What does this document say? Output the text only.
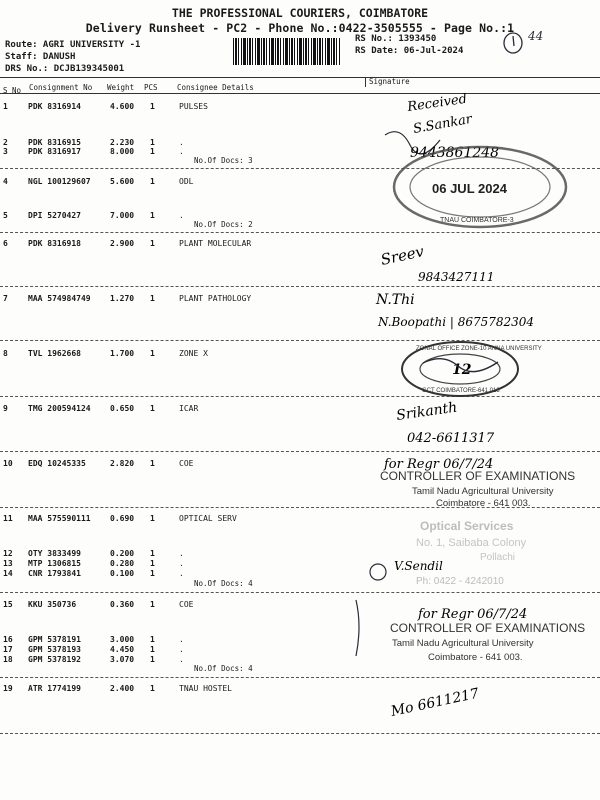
THE PROFESSIONAL COURIERS, COIMBATORE
Delivery Runsheet - PC2 - Phone No.:0422-3505555 - Page No.:1
Route: AGRI UNIVERSITY -1
Staff: DANUSH
DRS No.: DCJB139345001
RS No.: 1393450
RS Date: 06-Jul-2024
44
S No Consignment No Weight PCS	Consignee Details
Signature
1	PDK 8316914	4.600 1	PULSES
2	PDK 8316915	2.230 1	.
3	PDK 8316917	8.000 1	.
No.Of Docs: 3
4	NGL 100129607 5.600 1	ODL
5	DPI 5270427	7.000 1	.
No.Of Docs: 2
6	PDK 8316918	2.900 1	PLANT MOLECULAR
7	MAA 574984749 1.270 1	PLANT PATHOLOGY
8	TVL 1962668	1.700 1	ZONE X
9	TMG 200594124 0.650 1	ICAR
10 EDQ 10245335	2.820 1	COE
11 MAA 575590111 0.690 1	OPTICAL SERV
12 OTY 3833499	0.200 1	.
13 MTP 1306815	0.280 1	.
14 CNR 1793841	0.100 1	.
No.Of Docs: 4
15 KKU 350736	0.360 1	COE
16 GPM 5378191	3.000 1	.
17 GPM 5378193	4.450 1	.
18 GPM 5378192	3.070 1	.
No.Of Docs: 4
19 ATR 1774199	2.400 1	TNAU HOSTEL
Received
S.Sankar
9443861248
06 JUL 2024
TNAU COIMBATORE-3
Sreev
9843427111
N.Thi
N.Boopathi | 8675782304
ZONAL OFFICE ZONE-10 ANNA UNIVERSITY
12
GCT COIMBATORE-641 013
Srikanth
042-6611317
for Regr 06/7/24
CONTROLLER OF EXAMINATIONS
Tamil Nadu Agricultural University
Coimbatore - 641 003.
Optical Services
No. 1, Saibaba Colony
Pollachi
Ph: 0422 - 4242010
V.Sendil
for Regr 06/7/24
CONTROLLER OF EXAMINATIONS
Tamil Nadu Agricultural University
Coimbatore - 641 003.
Mo 6611217
